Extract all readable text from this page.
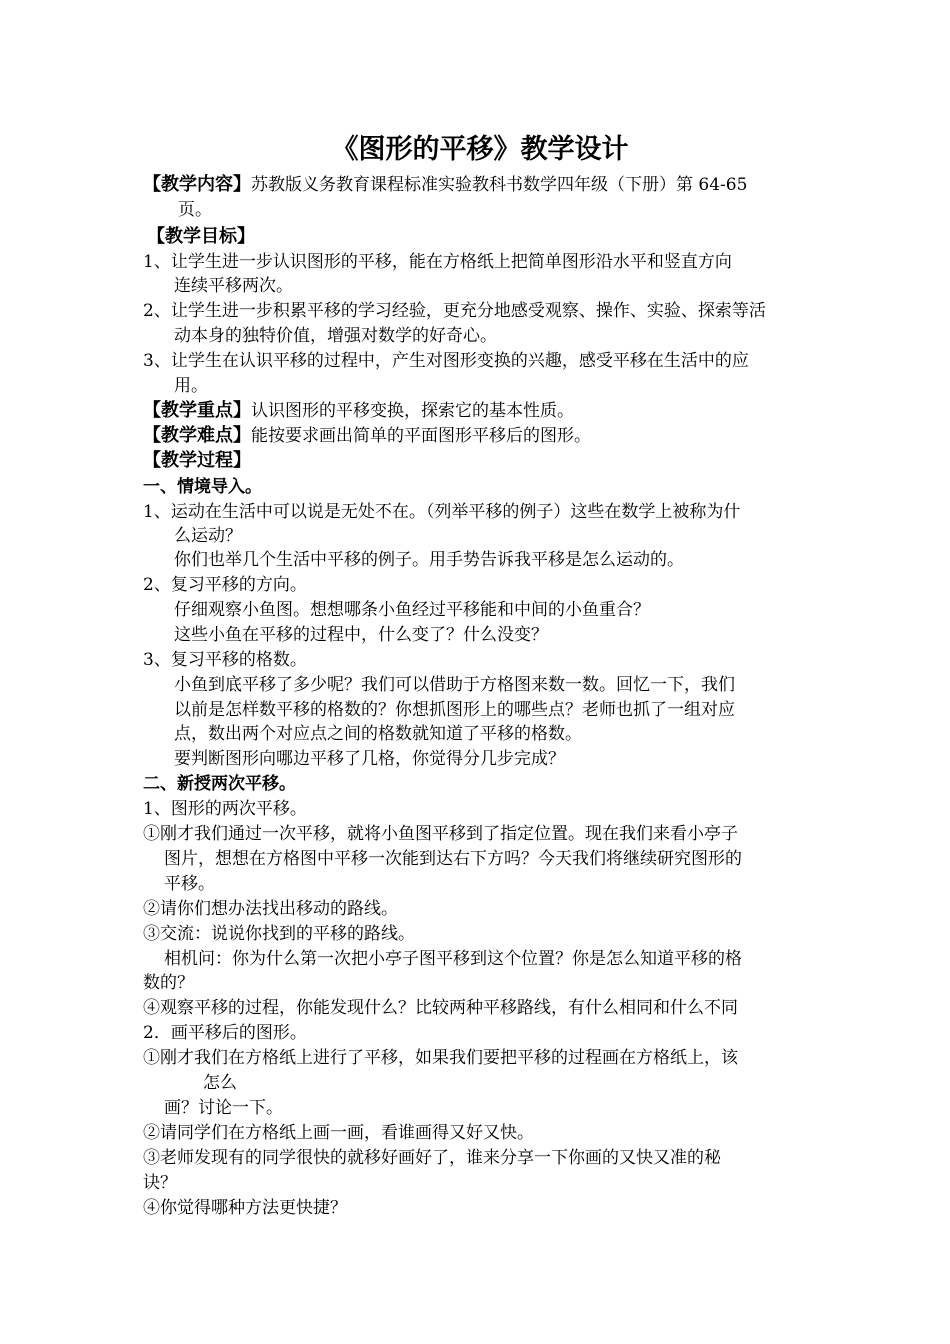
《图形的平移》教学设计
【教学内容】苏教版义务教育课程标准实验教科书数学四年级（下册）第 64-65
页。
【教学目标】
1、让学生进一步认识图形的平移，能在方格纸上把简单图形沿水平和竖直方向
连续平移两次。
2、让学生进一步积累平移的学习经验，更充分地感受观察、操作、实验、探索等活
动本身的独特价值，增强对数学的好奇心。
3、让学生在认识平移的过程中，产生对图形变换的兴趣，感受平移在生活中的应
用。
【教学重点】认识图形的平移变换，探索它的基本性质。
【教学难点】能按要求画出简单的平面图形平移后的图形。
【教学过程】
一、情境导入。
1、运动在生活中可以说是无处不在。（列举平移的例子）这些在数学上被称为什
么运动？
你们也举几个生活中平移的例子。用手势告诉我平移是怎么运动的。
2、复习平移的方向。
仔细观察小鱼图。想想哪条小鱼经过平移能和中间的小鱼重合？
这些小鱼在平移的过程中，什么变了？什么没变？
3、复习平移的格数。
小鱼到底平移了多少呢？我们可以借助于方格图来数一数。回忆一下，我们
以前是怎样数平移的格数的？你想抓图形上的哪些点？老师也抓了一组对应
点，数出两个对应点之间的格数就知道了平移的格数。
要判断图形向哪边平移了几格，你觉得分几步完成？
二、新授两次平移。
1、图形的两次平移。
①刚才我们通过一次平移，就将小鱼图平移到了指定位置。现在我们来看小亭子
图片，想想在方格图中平移一次能到达右下方吗？今天我们将继续研究图形的
平移。
②请你们想办法找出移动的路线。
③交流：说说你找到的平移的路线。
相机问：你为什么第一次把小亭子图平移到这个位置？你是怎么知道平移的格
数的？
④观察平移的过程，你能发现什么？比较两种平移路线，有什么相同和什么不同
2．画平移后的图形。
①刚才我们在方格纸上进行了平移，如果我们要把平移的过程画在方格纸上，该
怎么
画？讨论一下。
②请同学们在方格纸上画一画，看谁画得又好又快。
③老师发现有的同学很快的就移好画好了，谁来分享一下你画的又快又准的秘
诀？
④你觉得哪种方法更快捷？
